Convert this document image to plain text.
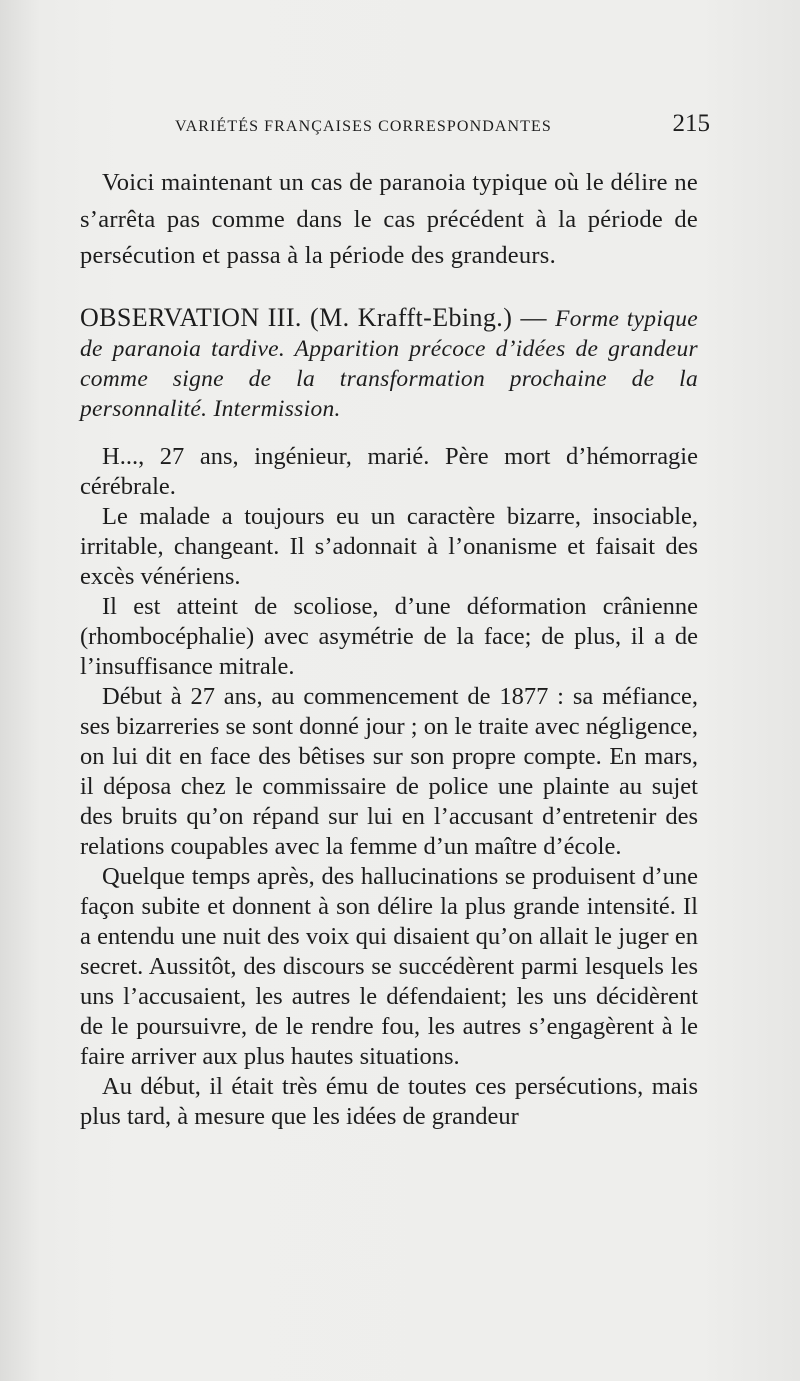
VARIÉTÉS FRANÇAISES CORRESPONDANTES	215

Voici maintenant un cas de paranoia typique où le délire ne s’arrêta pas comme dans le cas précédent à la période de persécution et passa à la période des grandeurs.

OBSERVATION III. (M. Krafft-Ebing.) — Forme typique de paranoia tardive. Apparition précoce d’idées de grandeur comme signe de la transformation prochaine de la personnalité. Intermission.

H..., 27 ans, ingénieur, marié. Père mort d’hémorragie cérébrale.

Le malade a toujours eu un caractère bizarre, insociable, irritable, changeant. Il s’adonnait à l’onanisme et faisait des excès vénériens.

Il est atteint de scoliose, d’une déformation crânienne (rhombocéphalie) avec asymétrie de la face; de plus, il a de l’insuffisance mitrale.

Début à 27 ans, au commencement de 1877 : sa méfiance, ses bizarreries se sont donné jour ; on le traite avec négligence, on lui dit en face des bêtises sur son propre compte. En mars, il déposa chez le commissaire de police une plainte au sujet des bruits qu’on répand sur lui en l’accusant d’entretenir des relations coupables avec la femme d’un maître d’école.

Quelque temps après, des hallucinations se produisent d’une façon subite et donnent à son délire la plus grande intensité. Il a entendu une nuit des voix qui disaient qu’on allait le juger en secret. Aussitôt, des discours se succédèrent parmi lesquels les uns l’accusaient, les autres le défendaient; les uns décidèrent de le poursuivre, de le rendre fou, les autres s’engagèrent à le faire arriver aux plus hautes situations.

Au début, il était très ému de toutes ces persécutions, mais plus tard, à mesure que les idées de grandeur
